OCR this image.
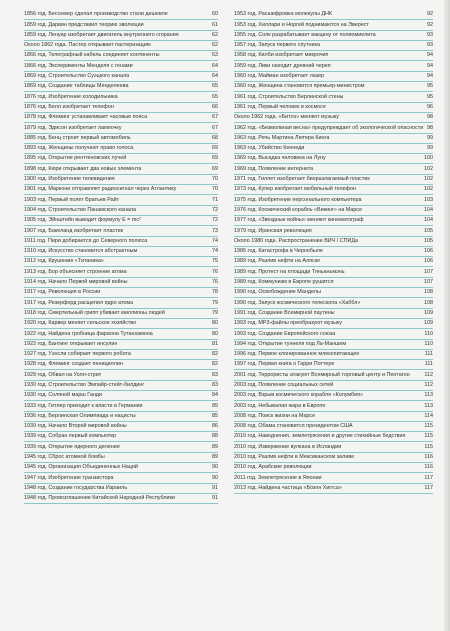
1856 год. Бессемер сделал производство стали дешевле	60
1859 год. Дарвин представил теорию эволюции	61
1859 год. Ленуар изобретает двигатель внутреннего сгорания	62
Около 1862 года. Пастер открывает пастеризацию	62
1866 год. Телеграфный кабель соединяет континенты	63
1866 год. Эксперименты Менделя с генами	64
1869 год. Строительство Суэцкого канала	64
1869 год. Создание таблицы Менделеева	65
1876 год. Изобретение холодильника	65
1876 год. Белл изобретает телефон	66
1878 год. Флеминг устанавливает часовые пояса	67
1879 год. Эдисон изобретает лампочку	67
1885 год. Бенц строит первый автомобиль	68
1893 год. Женщины получают право голоса	69
1895 год. Открытие рентгеновских лучей	69
1898 год. Кюри открывает два новых элемента	69
1900 год. Изобретение телевидения	70
1901 год. Маркони отправляет радиосигнал через Атлантику	70
1903 год. Первый полет Братьев Райт	71
1904 год. Строительство Панамского канала	72
1905 год. Эйнштейн выводит формулу E = mc²	72
1907 год. Бакеланд изобретает пластик	73
1911 год. Пири добирается до Северного полюса	74
1910 год. Искусство становится абстрактным	74
1912 год. Крушение «Титаника»	75
1913 год. Бор объясняет строение атома	76
1914 год. Начало Первой мировой войны	76
1917 год. Революция в России	78
1917 год. Резерфорд расщепил ядро атома	79
1918 год. Смертельный грипп убивает миллионы людей	79
1920 год. Карвер меняет сельское хозяйство	80
1922 год. Найдена гробница фараона Тутанхамона	80
1922 год. Бантинг открывает инсулин	81
1927 год. Уэнсли собирает первого робота	82
1928 год. Флеминг создает пенициллин	82
1929 год. Обвал на Уолл-стрит	83
1930 год. Строительство Эмпайр-стейт-билдинг	83
1930 год. Соляной марш Ганди	84
1933 год. Гитлер приходит к власти в Германии	85
1936 год. Берлинская Олимпиада и нацисты	85
1939 год. Начало Второй мировой войны	86
1939 год. Собран первый компьютер	88
1939 год. Открытие ядерного деления	89
1945 год. Сброс атомной бомбы	89
1945 год. Организация Объединенных Наций	90
1947 год. Изобретение транзистора	90
1948 год. Создание государства Израиль	91
1948 год. Провозглашение Китайской Народной Республики	91
1953 год. Расшифровка молекулы ДНК	92
1953 год. Хиллари и Норгей поднимаются на Эверест	92
1955 год. Солк разрабатывает вакцину от полиомиелита	93
1957 год. Запуск первого спутника	93
1958 год. Килби изобретает микрочип	94
1959 год. Лики находит древний череп	94
1960 год. Майман изобретает лазер	94
1960 год. Женщина становится премьер-министром	95
1961 год. Строительство Берлинской стены	95
1961 год. Первый человек в космосе	96
Около 1962 года. «Битлз» меняют музыку	98
1962 год. «Безмолвная весна» предупреждает об экологической опасности 98
1963 год. Речь Мартина Лютера Кинга	99
1963 год. Убийство Кеннеди	99
1969 год. Высадка человека на Луну	100
1969 год. Появление интернета	102
1971 год. Гиллет изобретает биоразлагаемый пластик	102
1973 год. Купер изобретает мобильный телефон	102
1975 год. Изобретение персонального компьютера	103
1976 год. Космический корабль «Викинг» на Марсе	104
1977 год. «Звездные войны» меняют кинематограф	104
1979 год. Иранская революция	105
Около 1980 года. Распространение ВИЧ / СПИДа	105
1986 год. Катастрофа в Чернобыле	106
1989 год. Разлив нефти на Аляске	106
1989 год. Протест на площади Тяньаньмэнь	107
1989 год. Коммунизм в Европе рушится	107
1990 год. Освобождение Манделы	108
1990 год. Запуск космического телескопа «Хаббл»	108
1991 год. Создание Всемирной паутины	109
1993 год. MP3-файлы преобразуют музыку	109
1993 год. Создание Европейского союза	110
1994 год. Открытие туннеля под Ла-Маншем	110
1996 год. Первое клонированное млекопитающее	111
1997 год. Первая книга о Гарри Поттере	111
2001 год. Террористы атакуют Всемирный торговый центр и Пентагон	112
2003 год. Появление социальных сетей	112
2003 год. Взрыв космического корабля «Колумбия»	113
2003 год. Небывалая жара в Европе	113
2008 год. Поиск жизни на Марсе	114
2008 год. Обама становится президентом США	115
2010 год. Наводнения, землетрясения и другие стихийные бедствия	115
2010 год. Извержение вулкана в Исландии	115
2010 год. Разлив нефти в Мексиканском заливе	116
2010 год. Арабские революции	116
2011 год. Землетрясение в Японии	117
2013 год. Найдена частица «Бозон Хиггса»	117
